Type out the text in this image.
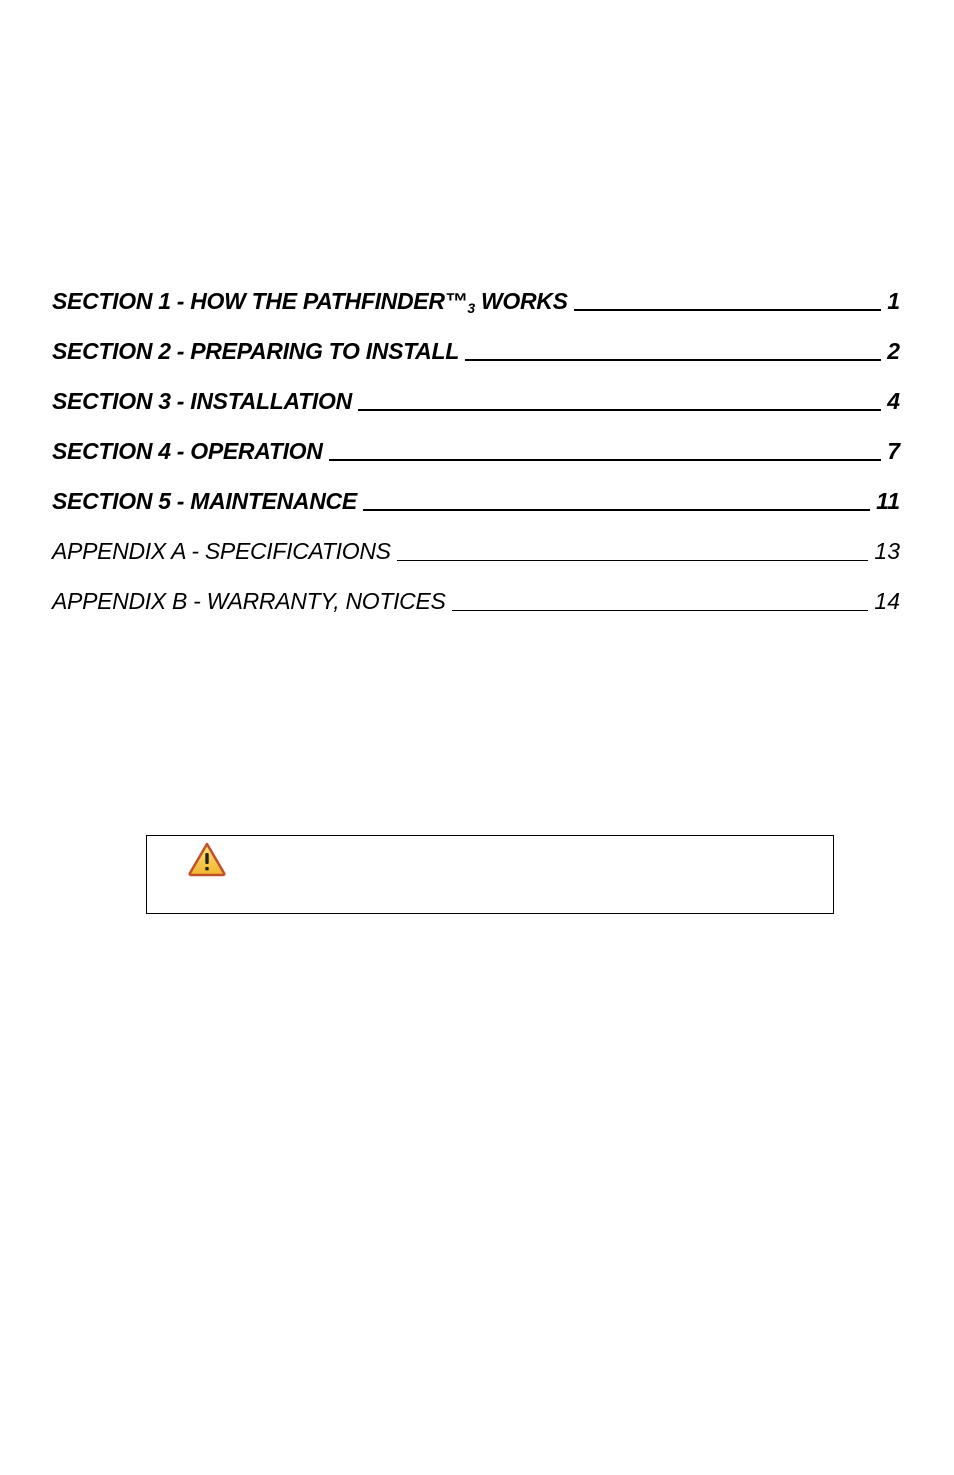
SECTION 1 - HOW THE $PATHFINDER™_3$ WORKS	1
SECTION 2 - PREPARING TO INSTALL	2
SECTION 3 - INSTALLATION	4
SECTION 4 - OPERATION	7
SECTION 5 - MAINTENANCE	11
APPENDIX A - SPECIFICATIONS	13
APPENDIX B - WARRANTY, NOTICES	14
